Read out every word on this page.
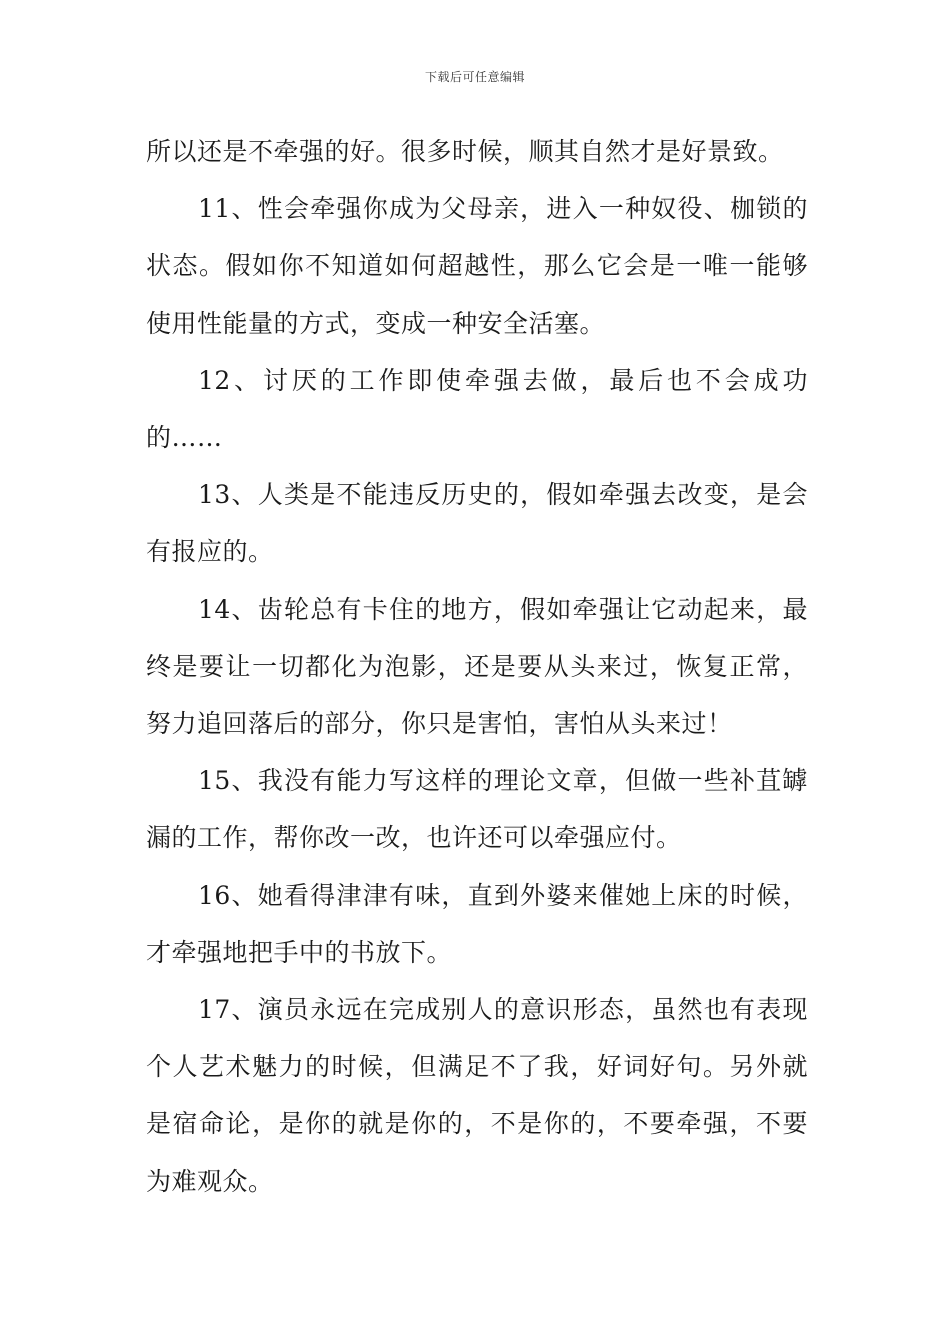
下载后可任意编辑

所以还是不牵强的好。很多时候，顺其自然才是好景致。

11、性会牵强你成为父母亲，进入一种奴役、枷锁的状态。假如你不知道如何超越性，那么它会是一唯一能够使用性能量的方式，变成一种安全活塞。

12、讨厌的工作即使牵强去做，最后也不会成功的……

13、人类是不能违反历史的，假如牵强去改变，是会有报应的。

14、齿轮总有卡住的地方，假如牵强让它动起来，最终是要让一切都化为泡影，还是要从头来过，恢复正常，努力追回落后的部分，你只是害怕，害怕从头来过！

15、我没有能力写这样的理论文章，但做一些补苴罅漏的工作，帮你改一改，也许还可以牵强应付。

16、她看得津津有味，直到外婆来催她上床的时候，才牵强地把手中的书放下。

17、演员永远在完成别人的意识形态，虽然也有表现个人艺术魅力的时候，但满足不了我，好词好句。另外就是宿命论，是你的就是你的，不是你的，不要牵强，不要为难观众。
